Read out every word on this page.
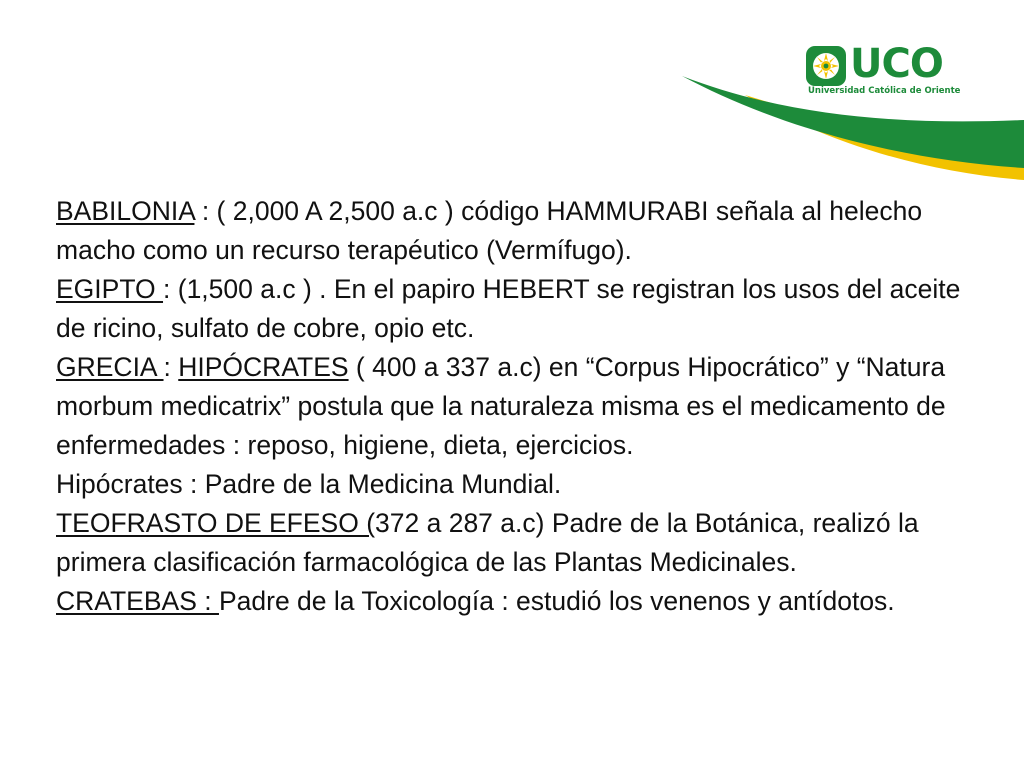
UCO
Universidad Católica de Oriente

BABILONIA : ( 2,000 A 2,500 a.c ) código HAMMURABI señala al helecho macho como un recurso terapéutico (Vermífugo).

EGIPTO : (1,500 a.c ) . En el papiro HEBERT se registran los usos del aceite de ricino, sulfato de cobre, opio etc.

GRECIA : HIPÓCRATES ( 400 a 337 a.c) en “Corpus Hipocrático” y “Natura morbum medicatrix” postula que la naturaleza misma es el medicamento de enfermedades : reposo, higiene, dieta, ejercicios.

Hipócrates : Padre de la Medicina Mundial.

TEOFRASTO DE EFESO (372 a 287 a.c) Padre de la Botánica, realizó la primera clasificación farmacológica de las Plantas Medicinales.

CRATEBAS : Padre de la Toxicología : estudió los venenos y antídotos.
